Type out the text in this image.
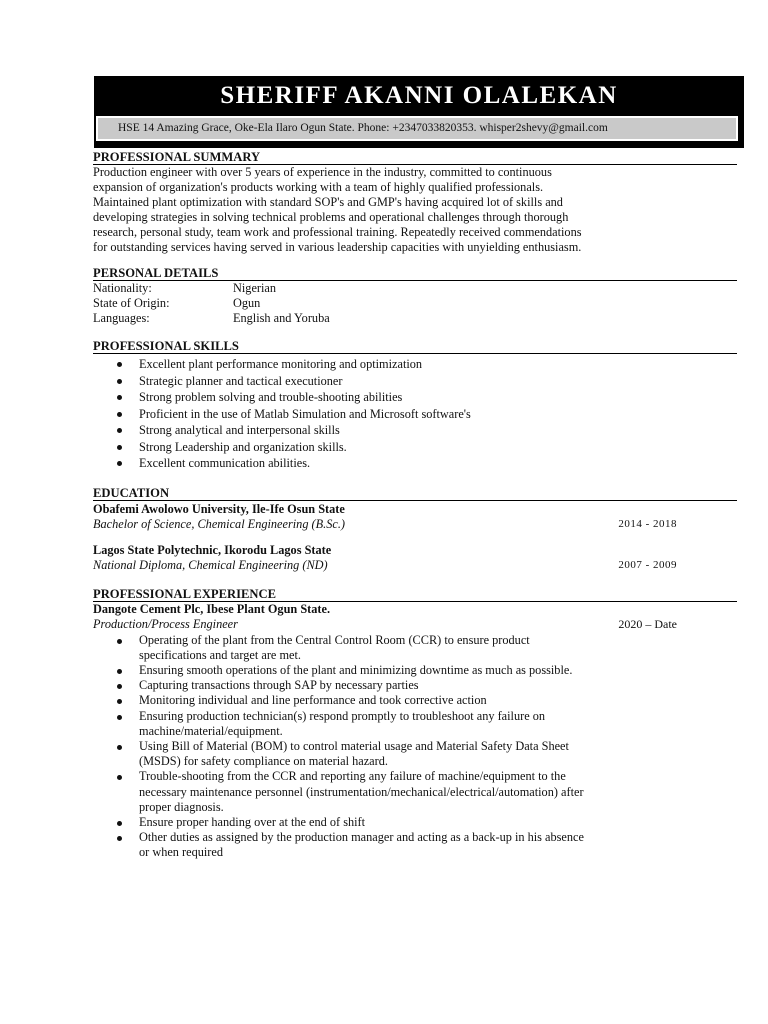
SHERIFF AKANNI OLALEKAN
HSE 14 Amazing Grace, Oke-Ela Ilaro Ogun State. Phone: +2347033820353. whisper2shevy@gmail.com
PROFESSIONAL SUMMARY
Production engineer with over 5 years of experience in the industry, committed to continuous
expansion of organization's products working with a team of highly qualified professionals.
Maintained plant optimization with standard SOP's and GMP's having acquired lot of skills and
developing strategies in solving technical problems and operational challenges through thorough
research, personal study, team work and professional training. Repeatedly received commendations
for outstanding services having served in various leadership capacities with unyielding enthusiasm.
PERSONAL DETAILS
Nationality:	Nigerian
State of Origin:	Ogun
Languages:	English and Yoruba
PROFESSIONAL SKILLS
Excellent plant performance monitoring and optimization
Strategic planner and tactical executioner
Strong problem solving and trouble-shooting abilities
Proficient in the use of Matlab Simulation and Microsoft software's
Strong analytical and interpersonal skills
Strong Leadership and organization skills.
Excellent communication abilities.
EDUCATION
Obafemi Awolowo University, Ile-Ife Osun State
Bachelor of Science, Chemical Engineering (B.Sc.)	2014 - 2018
Lagos State Polytechnic, Ikorodu Lagos State
National Diploma, Chemical Engineering (ND)	2007 - 2009
PROFESSIONAL EXPERIENCE
Dangote Cement Plc, Ibese Plant Ogun State.
Production/Process Engineer	2020 – Date
Operating of the plant from the Central Control Room (CCR) to ensure product
specifications and target are met.
Ensuring smooth operations of the plant and minimizing downtime as much as possible.
Capturing transactions through SAP by necessary parties
Monitoring individual and line performance and took corrective action
Ensuring production technician(s) respond promptly to troubleshoot any failure on
machine/material/equipment.
Using Bill of Material (BOM) to control material usage and Material Safety Data Sheet
(MSDS) for safety compliance on material hazard.
Trouble-shooting from the CCR and reporting any failure of machine/equipment to the
necessary maintenance personnel (instrumentation/mechanical/electrical/automation) after
proper diagnosis.
Ensure proper handing over at the end of shift
Other duties as assigned by the production manager and acting as a back-up in his absence
or when required
